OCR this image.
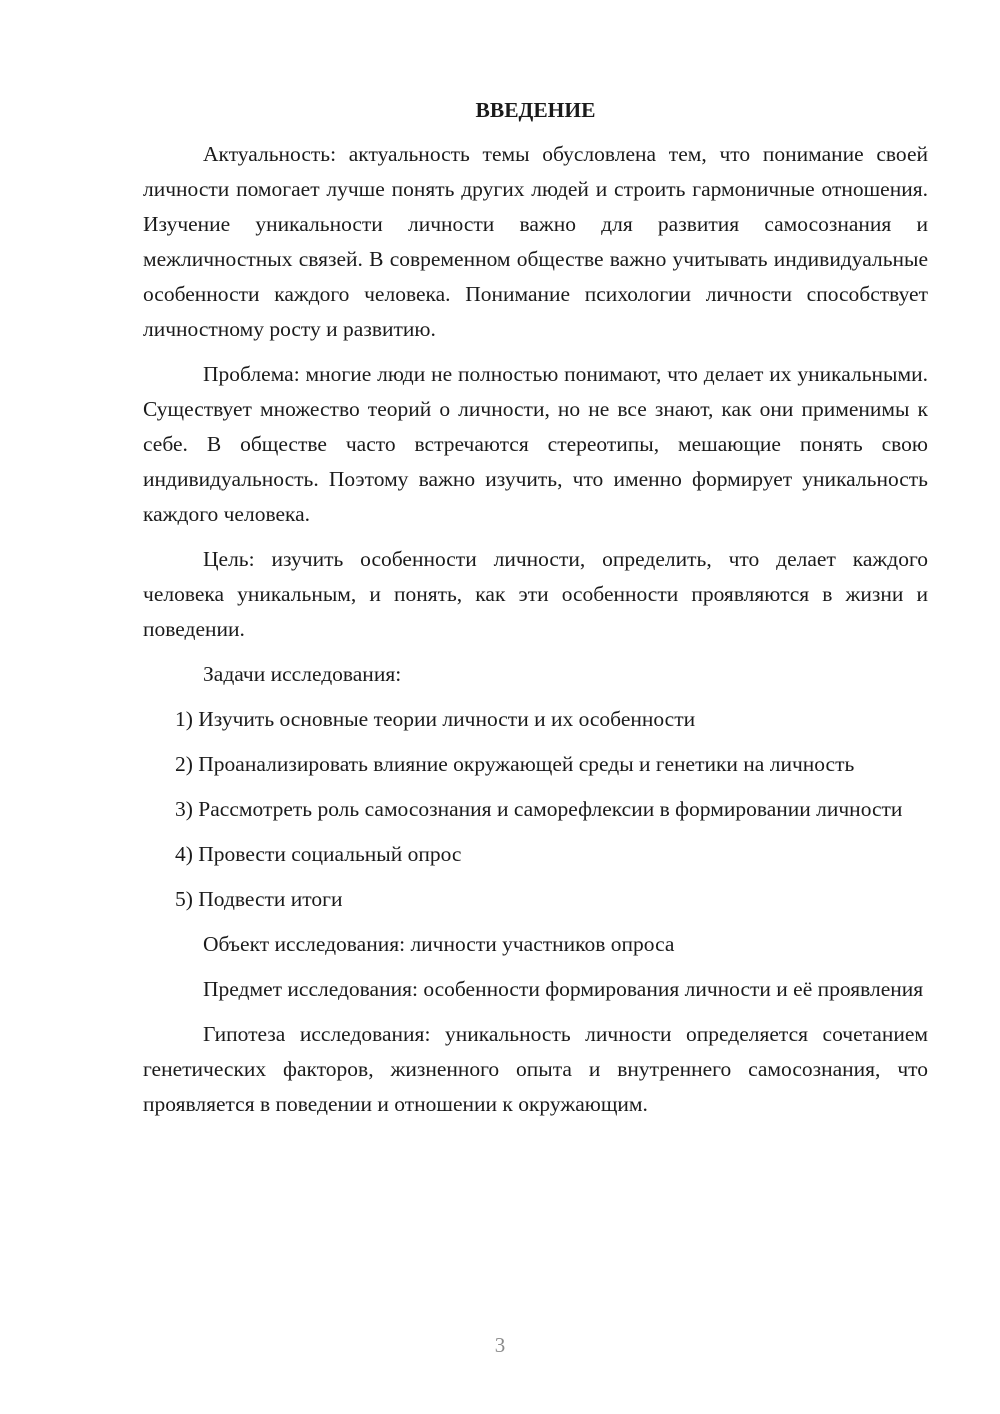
ВВЕДЕНИЕ

Актуальность: актуальность темы обусловлена тем, что понимание своей личности помогает лучше понять других людей и строить гармоничные отношения. Изучение уникальности личности важно для развития самосознания и межличностных связей. В современном обществе важно учитывать индивидуальные особенности каждого человека. Понимание психологии личности способствует личностному росту и развитию.

Проблема: многие люди не полностью понимают, что делает их уникальными. Существует множество теорий о личности, но не все знают, как они применимы к себе. В обществе часто встречаются стереотипы, мешающие понять свою индивидуальность. Поэтому важно изучить, что именно формирует уникальность каждого человека.

Цель: изучить особенности личности, определить, что делает каждого человека уникальным, и понять, как эти особенности проявляются в жизни и поведении.

Задачи исследования:

1) Изучить основные теории личности и их особенности

2) Проанализировать влияние окружающей среды и генетики на личность

3) Рассмотреть роль самосознания и саморефлексии в формировании личности

4) Провести социальный опрос

5) Подвести итоги

Объект исследования: личности участников опроса

Предмет исследования: особенности формирования личности и её проявления

Гипотеза исследования: уникальность личности определяется сочетанием генетических факторов, жизненного опыта и внутреннего самосознания, что проявляется в поведении и отношении к окружающим.

3
